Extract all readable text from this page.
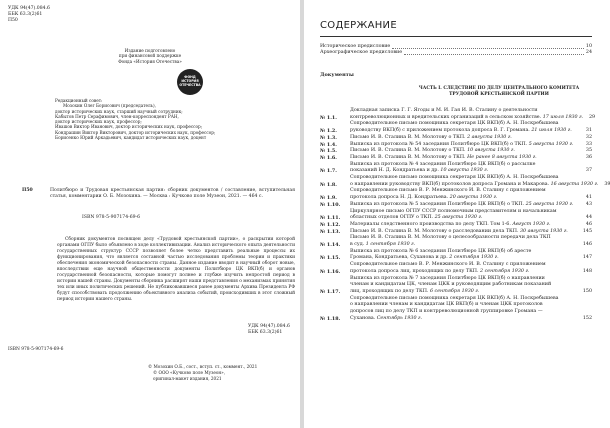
УДК 94(47).084.6
ББК 63.3(2)61
П50
Издание подготовлено
при финансовой поддержке
Фонда «История Отечества»
ФОНД
ИСТОРИЯ
ОТЕЧЕСТВА
Редакционный совет:
Мозохин Олег Борисович (председатель),
доктор исторических наук, старший научный сотрудник;
Кабытов Петр Серафимович, член-корреспондент РАН,
доктор исторических наук, профессор;
Ивашов Виктор Иванович, доктор исторических наук, профессор;
Кондрашин Виктор Викторович, доктор исторических наук, профессор;
Борисенко Юрий Аркадьевич, кандидат исторических наук, доцент
П50	Политбюро и Трудовая крестьянская партия: сборник документов / составление, вступительная статья, комментарии О. Б. Мозохина. — Москва : Кучково поле Музеон, 2021. — 464 с.
ISBN 978-5-907174-69-6
Сборник документов посвящен делу «Трудовой крестьянской партии», о раскрытии которой органами ОГПУ было объявлено в ходе коллективизации. Анализ исторического опыта деятельности государственных структур СССР позволяет более четко представить реальные процессы их функционирования, что является составной частью исследования проблемы теории и практики обеспечения экономической безопасности страны. Данное издание вводит в научный оборот новые, впоследствии еще научной общественности документы Политбюро ЦК ВКП(б) и органов государственной безопасности, которые помогут полнее и глубже изучить непростой период в истории нашей страны. Документы сборника расширят наши представления о механизмах принятия тех или иных политических решений. Не публиковавшиеся ранее документы Архива Президента РФ будут способствовать продолжению объективного анализа событий, происходивших в этот сложный период истории нашего страны.
УДК 94(47).084.6
ББК 63.3(2)61
ISBN 978-5-907174-69-6
© Мозохин О.Б., сост., вступ. ст., коммент., 2021
© ООО «Кучково поле Музеон»,
оригинал-макет издания, 2021
СОДЕРЖАНИЕ
Историческое предисловие	10
Археографическое предисловие	24
Документы
ЧАСТЬ I. СЛЕДСТВИЕ ПО ДЕЛУ ЦЕНТРАЛЬНОГО КОМИТЕТА
ТРУДОВОЙ КРЕСТЬЯНСКОЙ ПАРТИИ
№ 1.1.
Докладная записка Г. Г. Ягоды и М. И. Гая И. В. Сталину о деятельности
контрреволюционных и вредительских организаций в сельском хозяйстве. 17 июля 1930 г.	29
№ 1.2.
Сопроводительное письмо помощника секретаря ЦК ВКП(б) А. Н. Поскребышева
руководству ВКП(б) с приложением протокола допроса В. Г. Громана. 21 июля 1930 г.	31
№ 1.3.	Письмо И. В. Сталина В. М. Молотову о ТКП. 2 августа 1930 г.	32
№ 1.4.	Выписка из протокола № 54 заседания Политбюро ЦК ВКП(б) о ТКП. 5 августа 1930 г.	33
№ 1.5.	Письмо И. В. Сталина В. М. Молотову о ТКП. 10 августа 1930 г.	35
№ 1.6.	Письмо И. В. Сталина В. М. Молотову о ТКП. Не ранее 8 августа 1930 г.	36
№ 1.7.
Выписка из протокола № 4 заседания Политбюро ЦК ВКП(б) о рассылке
показаний Н. Д. Кондратьева и др. 10 августа 1930 г.	37
№ 1.8.
Сопроводительное письмо помощника секретаря ЦК ВКП(б) А. Н. Поскребышева
о направлении руководству ВКП(б) протоколов допроса Громана и Макарова. 16 августа 1930 г.	39
№ 1.9.
Сопроводительное письмо В. Р. Менжинского И. В. Сталину с приложением
протокола допроса Н. Д. Кондратьева. 20 августа 1930 г.	41
№ 1.10.	Выписка из протокола № 5 заседания Политбюро ЦК ВКП(б) о ТКП. 25 августа 1930 г.	43
№ 1.11.
Циркулярное письмо ОГПУ СССР полномочным представителям и начальникам
областных отделов ОГПУ о ТКП. 25 августа 1930 г.	44
№ 1.12.	Материалы следственного производства по делу ТКП. Том 1-6. Август 1930 г.	46
№ 1.13.	Письмо И. В. Сталина В. М. Молотову о расследовании дела ТКП. 30 августа 1930 г.	145
№ 1.14.
Письмо И. В. Сталина В. М. Молотову о целесообразности передачи дела ТКП
в суд. 1 сентября 1930 г.	146
№ 1.15.
Выписка из протокола № 6 заседания Политбюро ЦК ВКП(б) об аресте
Громана, Кондратьева, Суханова и др. 2 сентября 1930 г.	147
№ 1.16.
Сопроводительное письмо В. Р. Менжинского И. В. Сталину с приложением
протокола допроса лиц, проходящих по делу ТКП. 2 сентября 1930 г.	148
№ 1.17.
Выписка из протокола № 7 заседания Политбюро ЦК ВКП(б) о направлении
членам и кандидатам ЦК, членам ЦКК и руководящим работникам показаний
лиц, проходящих по делу ТКП. 6 сентября 1930 г.	150
№ 1.18.
Сопроводительное письмо помощника секретаря ЦК ВКП(б) А. Н. Поскребышева
о направлении членам и кандидатам ЦК ВКП(б) и членам ЦКК протоколов
допросов лиц по делу ТКП и контрреволюционной группировке Громана —
Суханова. Сентябрь 1930 г.	152
